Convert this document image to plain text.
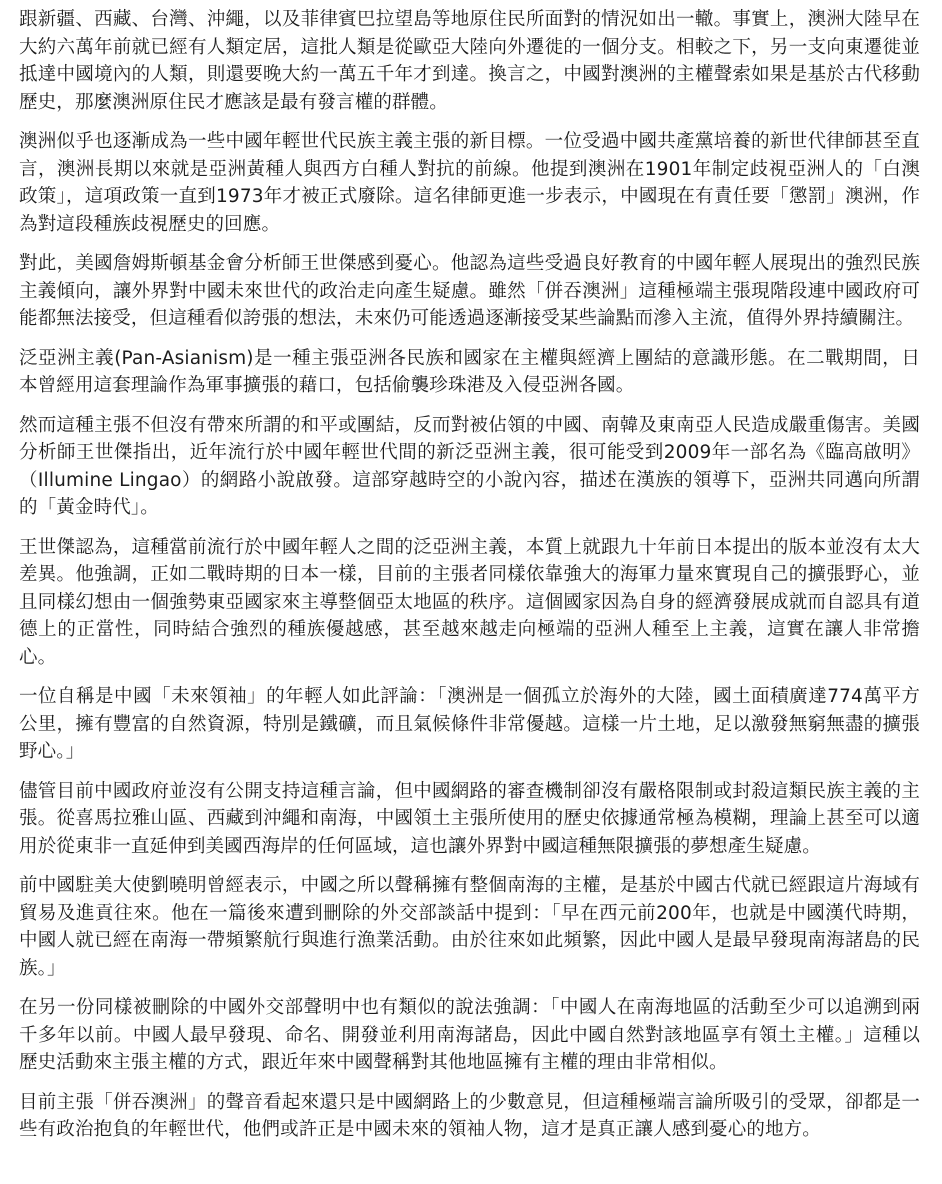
跟新疆、西藏、台灣、沖繩，以及菲律賓巴拉望島等地原住民所面對的情況如出一轍。事實上，澳洲大陸早在大約六萬年前就已經有人類定居，這批人類是從歐亞大陸向外遷徙的一個分支。相較之下，另一支向東遷徙並抵達中國境內的人類，則還要晚大約一萬五千年才到達。換言之，中國對澳洲的主權聲索如果是基於古代移動歷史，那麼澳洲原住民才應該是最有發言權的群體。

澳洲似乎也逐漸成為一些中國年輕世代民族主義主張的新目標。一位受過中國共產黨培養的新世代律師甚至直言，澳洲長期以來就是亞洲黃種人與西方白種人對抗的前線。他提到澳洲在1901年制定歧視亞洲人的「白澳政策」，這項政策一直到1973年才被正式廢除。這名律師更進一步表示，中國現在有責任要「懲罰」澳洲，作為對這段種族歧視歷史的回應。

對此，美國詹姆斯頓基金會分析師王世傑感到憂心。他認為這些受過良好教育的中國年輕人展現出的強烈民族主義傾向，讓外界對中國未來世代的政治走向產生疑慮。雖然「併吞澳洲」這種極端主張現階段連中國政府可能都無法接受，但這種看似誇張的想法，未來仍可能透過逐漸接受某些論點而滲入主流，值得外界持續關注。

泛亞洲主義(Pan-Asianism)是一種主張亞洲各民族和國家在主權與經濟上團結的意識形態。在二戰期間，日本曾經用這套理論作為軍事擴張的藉口，包括偷襲珍珠港及入侵亞洲各國。

然而這種主張不但沒有帶來所謂的和平或團結，反而對被佔領的中國、南韓及東南亞人民造成嚴重傷害。美國分析師王世傑指出，近年流行於中國年輕世代間的新泛亞洲主義，很可能受到2009年一部名為《臨高啟明》（Illumine Lingao）的網路小說啟發。這部穿越時空的小說內容，描述在漢族的領導下，亞洲共同邁向所謂的「黃金時代」。

王世傑認為，這種當前流行於中國年輕人之間的泛亞洲主義，本質上就跟九十年前日本提出的版本並沒有太大差異。他強調，正如二戰時期的日本一樣，目前的主張者同樣依靠強大的海軍力量來實現自己的擴張野心，並且同樣幻想由一個強勢東亞國家來主導整個亞太地區的秩序。這個國家因為自身的經濟發展成就而自認具有道德上的正當性，同時結合強烈的種族優越感，甚至越來越走向極端的亞洲人種至上主義，這實在讓人非常擔心。

一位自稱是中國「未來領袖」的年輕人如此評論：「澳洲是一個孤立於海外的大陸，國土面積廣達774萬平方公里，擁有豐富的自然資源，特別是鐵礦，而且氣候條件非常優越。這樣一片土地，足以激發無窮無盡的擴張野心。」

儘管目前中國政府並沒有公開支持這種言論，但中國網路的審查機制卻沒有嚴格限制或封殺這類民族主義的主張。從喜馬拉雅山區、西藏到沖繩和南海，中國領土主張所使用的歷史依據通常極為模糊，理論上甚至可以適用於從東非一直延伸到美國西海岸的任何區域，這也讓外界對中國這種無限擴張的夢想產生疑慮。

前中國駐美大使劉曉明曾經表示，中國之所以聲稱擁有整個南海的主權，是基於中國古代就已經跟這片海域有貿易及進貢往來。他在一篇後來遭到刪除的外交部談話中提到：「早在西元前200年，也就是中國漢代時期，中國人就已經在南海一帶頻繁航行與進行漁業活動。由於往來如此頻繁，因此中國人是最早發現南海諸島的民族。」

在另一份同樣被刪除的中國外交部聲明中也有類似的說法強調：「中國人在南海地區的活動至少可以追溯到兩千多年以前。中國人最早發現、命名、開發並利用南海諸島，因此中國自然對該地區享有領土主權。」這種以歷史活動來主張主權的方式，跟近年來中國聲稱對其他地區擁有主權的理由非常相似。

目前主張「併吞澳洲」的聲音看起來還只是中國網路上的少數意見，但這種極端言論所吸引的受眾，卻都是一些有政治抱負的年輕世代，他們或許正是中國未來的領袖人物，這才是真正讓人感到憂心的地方。
